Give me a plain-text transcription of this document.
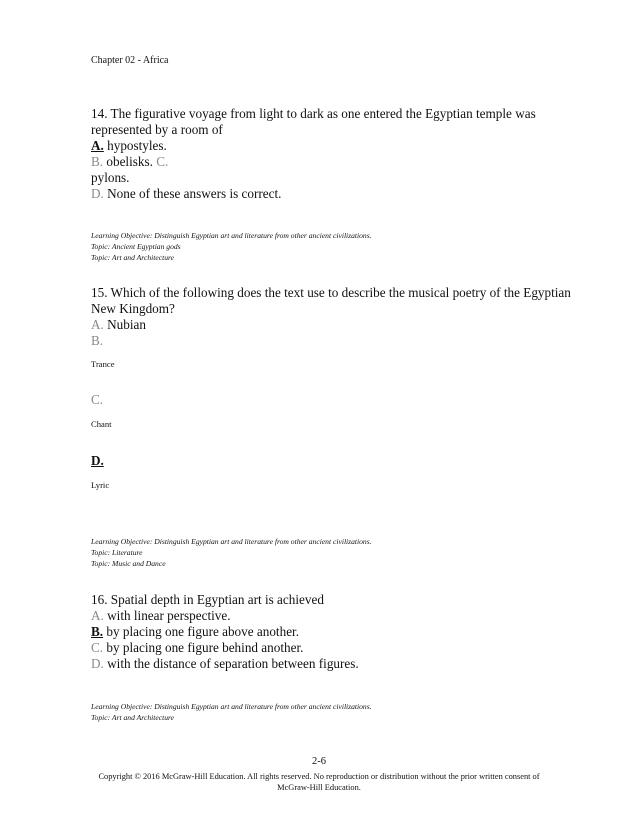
Chapter 02 - Africa
14. The figurative voyage from light to dark as one entered the Egyptian temple was
represented by a room of
A. hypostyles.
B. obelisks. C.
pylons.
D. None of these answers is correct.
Learning Objective: Distinguish Egyptian art and literature from other ancient civilizations.
Topic: Ancient Egyptian gods
Topic: Art and Architecture
15. Which of the following does the text use to describe the musical poetry of the Egyptian
New Kingdom?
A. Nubian
B.
Trance
C.
Chant
D.
Lyric
Learning Objective: Distinguish Egyptian art and literature from other ancient civilizations.
Topic: Literature
Topic: Music and Dance
16. Spatial depth in Egyptian art is achieved
A. with linear perspective.
B. by placing one figure above another.
C. by placing one figure behind another.
D. with the distance of separation between figures.
Learning Objective: Distinguish Egyptian art and literature from other ancient civilizations.
Topic: Art and Architecture
2-6
Copyright © 2016 McGraw-Hill Education. All rights reserved. No reproduction or distribution without the prior written consent of
McGraw-Hill Education.
